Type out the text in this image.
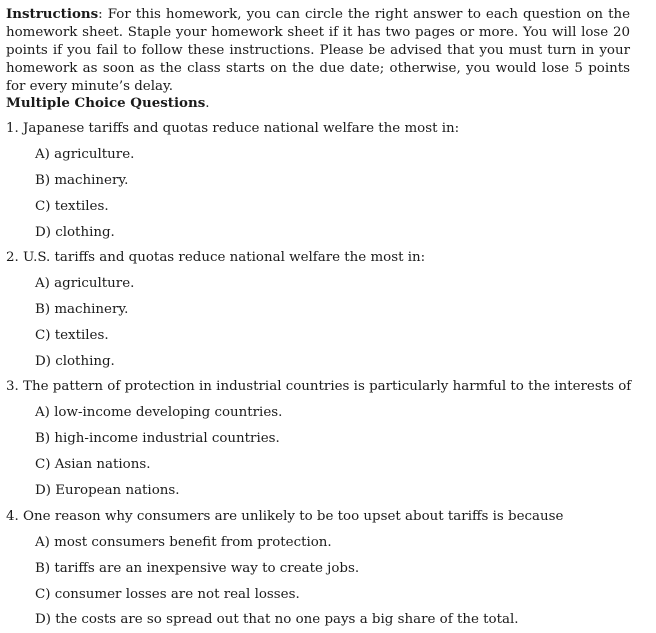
Instructions: For this homework, you can circle the right answer to each question on the homework sheet. Staple your homework sheet if it has two pages or more. You will lose 20 points if you fail to follow these instructions. Please be advised that you must turn in your homework as soon as the class starts on the due date; otherwise, you would lose 5 points for every minute’s delay.

Multiple Choice Questions.

1. Japanese tariffs and quotas reduce national welfare the most in:

A) agriculture.

B) machinery.

C) textiles.

D) clothing.

2. U.S. tariffs and quotas reduce national welfare the most in:

A) agriculture.

B) machinery.

C) textiles.

D) clothing.

3. The pattern of protection in industrial countries is particularly harmful to the interests of

A) low-income developing countries.

B) high-income industrial countries.

C) Asian nations.

D) European nations.

4. One reason why consumers are unlikely to be too upset about tariffs is because

A) most consumers benefit from protection.

B) tariffs are an inexpensive way to create jobs.

C) consumer losses are not real losses.

D) the costs are so spread out that no one pays a big share of the total.
